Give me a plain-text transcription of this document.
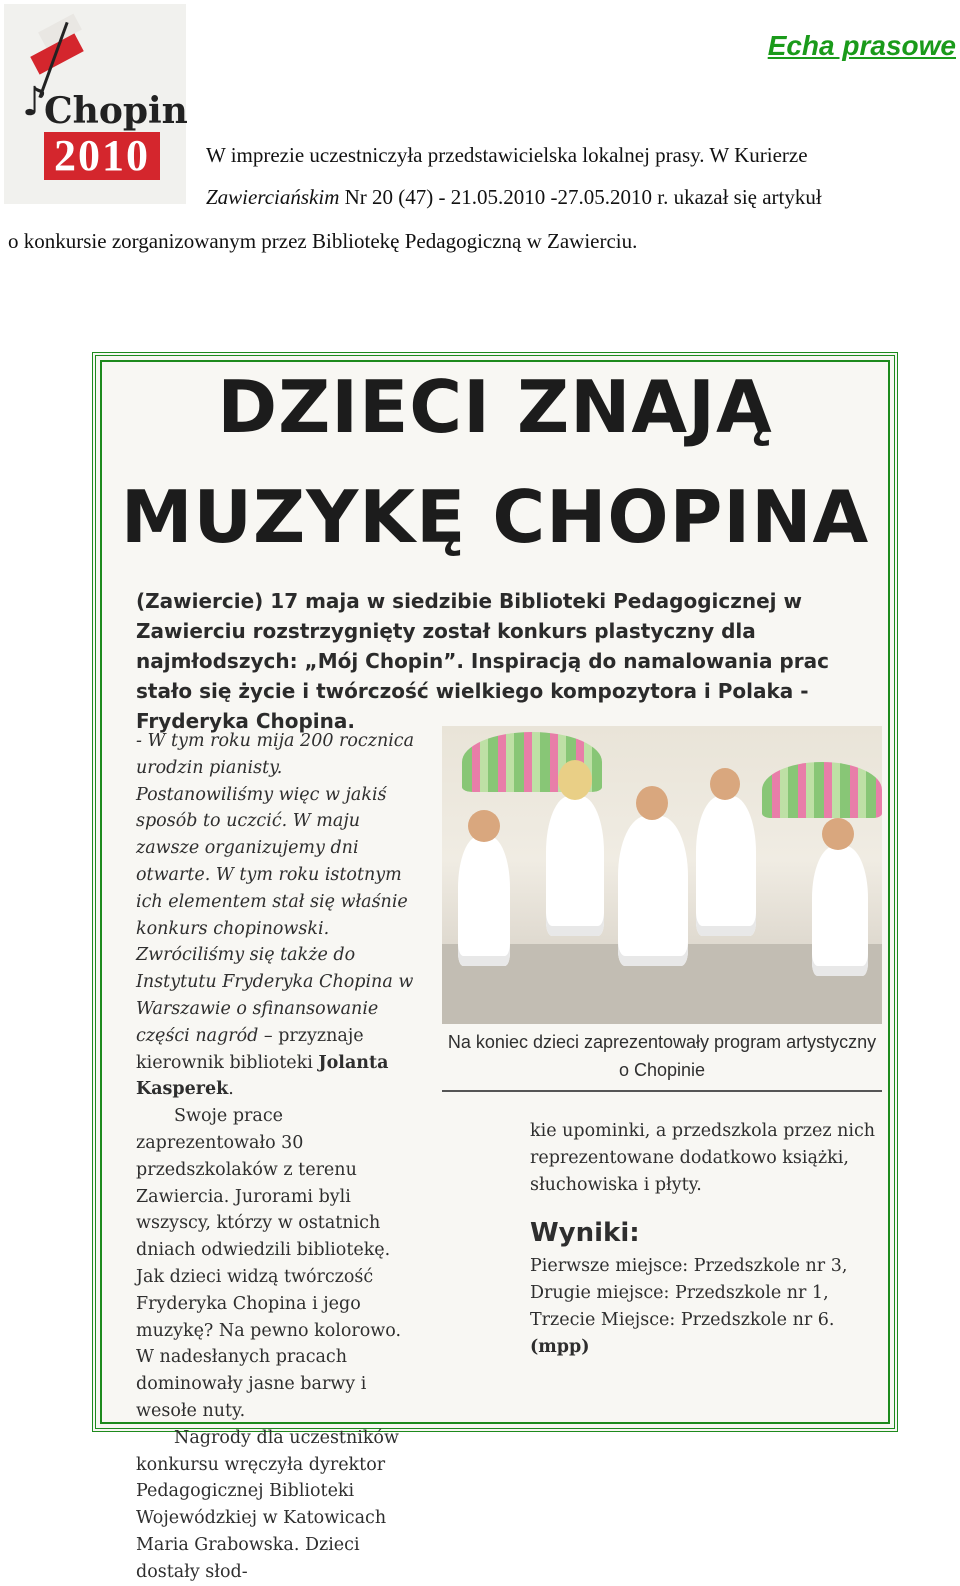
♪
Chopin
2010
Echa prasowe
W imprezie uczestniczyła przedstawicielska lokalnej prasy. W Kurierze
Zawierciańskim Nr 20 (47) - 21.05.2010 -27.05.2010 r. ukazał się artykuł
o konkursie zorganizowanym przez Bibliotekę Pedagogiczną w Zawierciu.
DZIECI ZNAJĄ
MUZYKĘ CHOPINA
(Zawiercie) 17 maja w siedzibie Biblioteki Pedagogicznej w Zawierciu rozstrzygnięty został konkurs plastyczny dla najmłodszych: „Mój Chopin”. Inspiracją do namalowania prac stało się życie i twórczość wielkiego kompozytora i Polaka - Fryderyka Chopina.
- W tym roku mija 200 rocznica urodzin pianisty. Postanowiliśmy więc w jakiś sposób to uczcić. W maju zawsze organizujemy dni otwarte. W tym roku istotnym ich elementem stał się właśnie konkurs chopinowski. Zwróciliśmy się także do Instytutu Fryderyka Chopina w Warszawie o sfinansowanie części nagród – przyznaje kierownik biblioteki Jolanta Kasperek.
Swoje prace zaprezentowało 30 przedszkolaków z terenu Zawiercia. Jurorami byli wszyscy, którzy w ostatnich dniach odwiedzili bibliotekę. Jak dzieci widzą twórczość Fryderyka Chopina i jego muzykę? Na pewno kolorowo. W nadesłanych pracach dominowały jasne barwy i wesołe nuty.
Nagrody dla uczestników konkursu wręczyła dyrektor Pedagogicznej Biblioteki Wojewódzkiej w Katowicach Maria Grabowska. Dzieci dostały słod-
Na koniec dzieci zaprezentowały program artystyczny o Chopinie
kie upominki, a przedszkola przez nich reprezentowane dodatkowo książki, słuchowiska i płyty.
Wyniki:
Pierwsze miejsce: Przedszkole nr 3,
Drugie miejsce: Przedszkole nr 1,
Trzecie Miejsce: Przedszkole nr 6.
(mpp)
